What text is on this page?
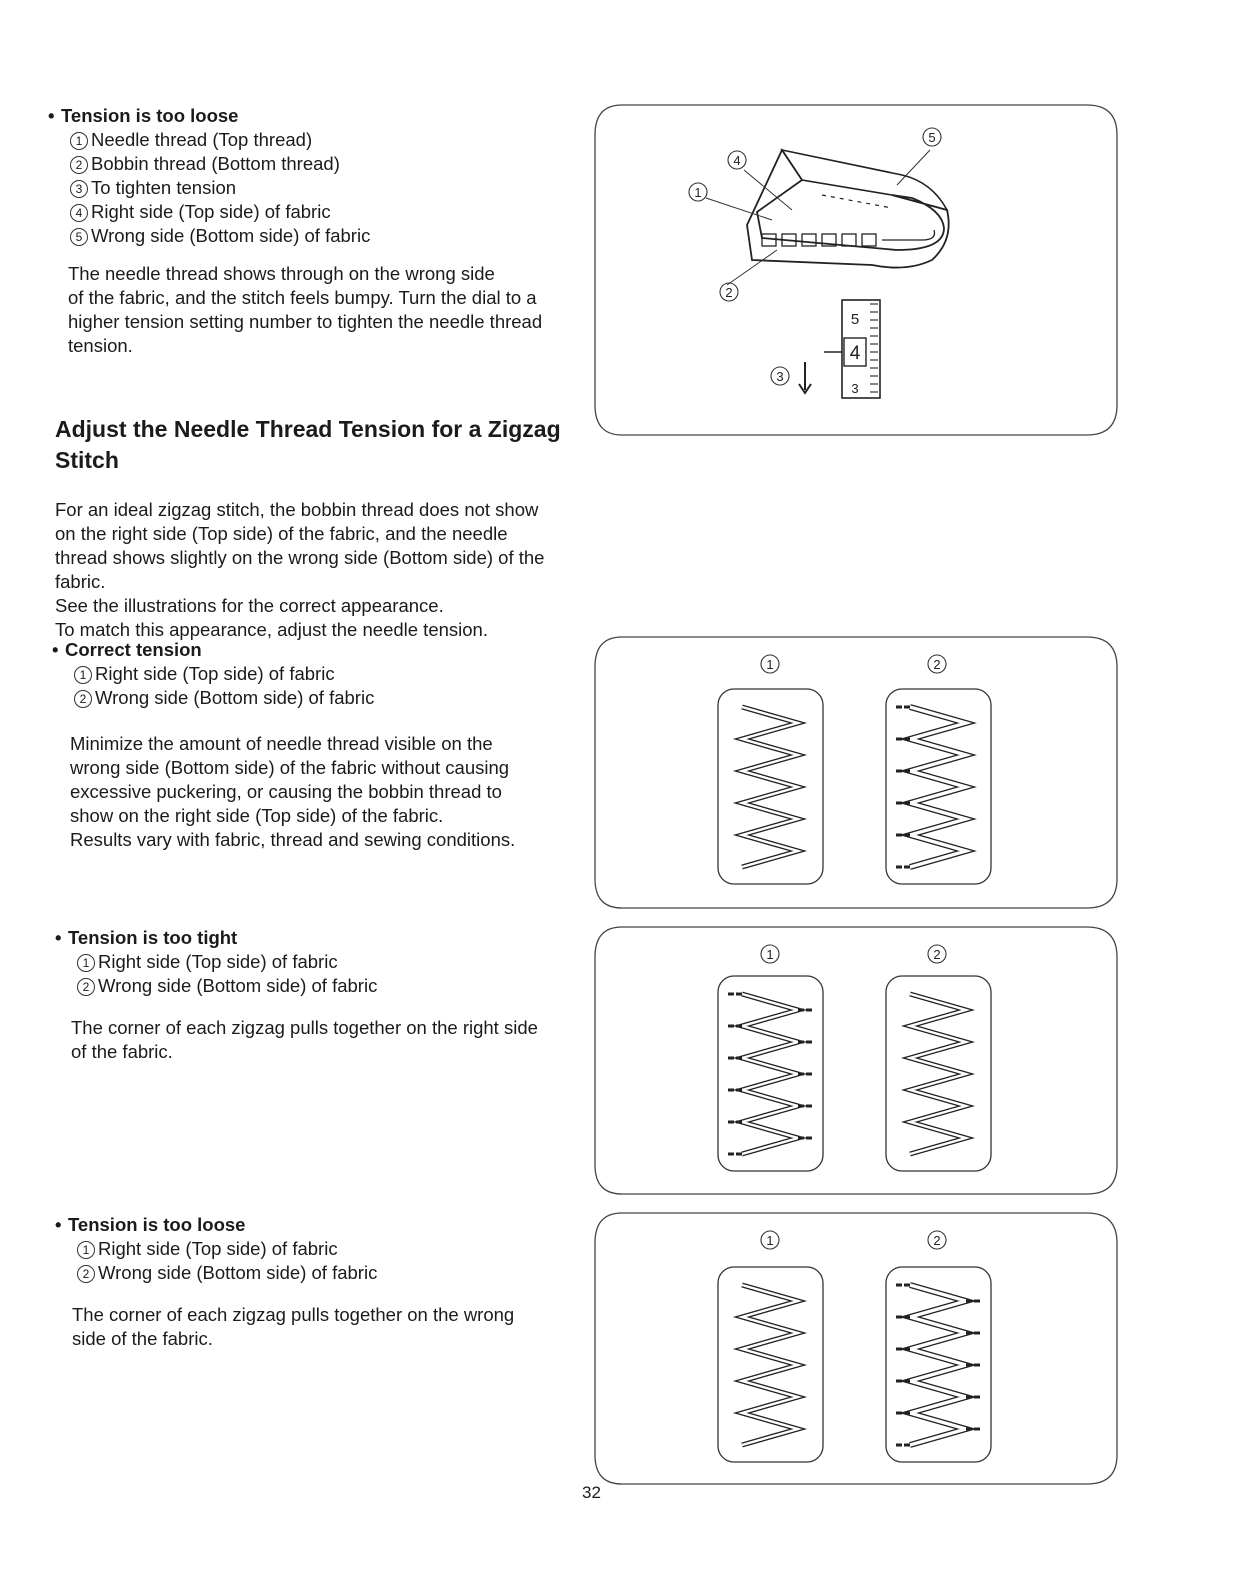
• Tension is too loose
1 Needle thread (Top thread)
2 Bobbin thread (Bottom thread)
3 To tighten tension
4 Right side (Top side) of fabric
5 Wrong side (Bottom side) of fabric
The needle thread shows through on the wrong side
of the fabric, and the stitch feels bumpy. Turn the dial to a
higher tension setting number to tighten the needle thread
tension.
Adjust the Needle Thread Tension for a Zigzag
Stitch
For an ideal zigzag stitch, the bobbin thread does not show
on the right side (Top side) of the fabric, and the needle
thread shows slightly on the wrong side (Bottom side) of the
fabric.
See the illustrations for the correct appearance.
To match this appearance, adjust the needle tension.
• Correct tension
1 Right side (Top side) of fabric
2 Wrong side (Bottom side) of fabric
Minimize the amount of needle thread visible on the
wrong side (Bottom side) of the fabric without causing
excessive puckering, or causing the bobbin thread to
show on the right side (Top side) of the fabric.
Results vary with fabric, thread and sewing conditions.
• Tension is too tight
1 Right side (Top side) of fabric
2 Wrong side (Bottom side) of fabric
The corner of each zigzag pulls together on the right side
of the fabric.
• Tension is too loose
1 Right side (Top side) of fabric
2 Wrong side (Bottom side) of fabric
The corner of each zigzag pulls together on the wrong
side of the fabric.
4
1
5
2
3
5
4
3
1	2
1	2
1	2
32
